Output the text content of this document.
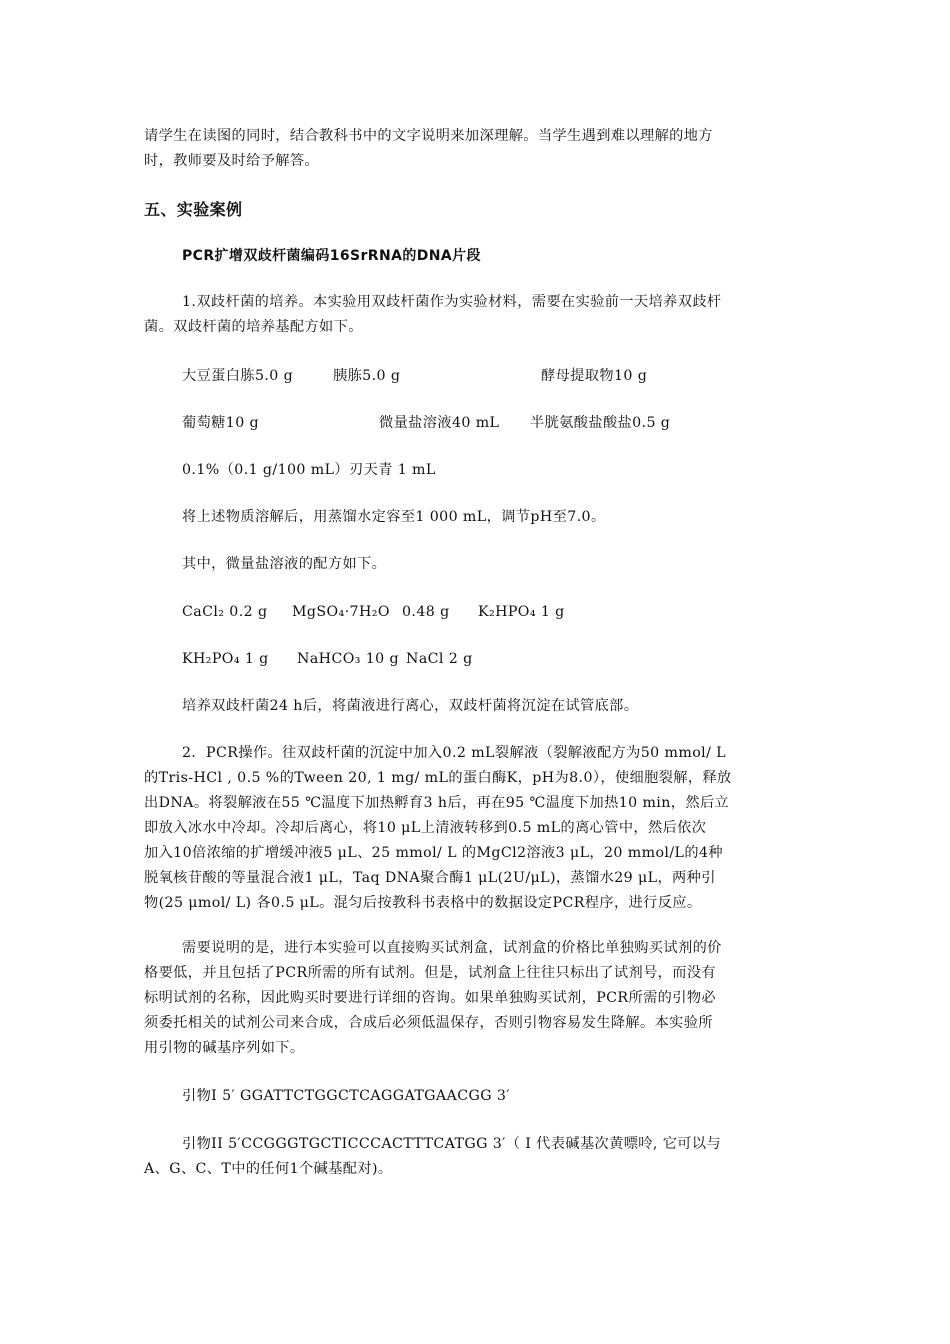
请学生在读图的同时，结合教科书中的文字说明来加深理解。当学生遇到难以理解的地方
时，教师要及时给予解答。
五、实验案例
PCR扩增双歧杆菌编码16SrRNA的DNA片段
1.双歧杆菌的培养。本实验用双歧杆菌作为实验材料，需要在实验前一天培养双歧杆
菌。双歧杆菌的培养基配方如下。
大豆蛋白胨5.0 g	胰胨5.0 g	酵母提取物10 g
葡萄糖10 g	微量盐溶液40 mL 半胱氨酸盐酸盐0.5 g
0.1%（0.1 g/100 mL）刃天青 1 mL
将上述物质溶解后，用蒸馏水定容至1 000 mL，调节pH至7.0。
其中，微量盐溶液的配方如下。
CaCl₂ 0.2 g MgSO₄·7H₂O 0.48 g K₂HPO₄ 1 g
KH₂PO₄ 1 g NaHCO₃ 10 g NaCl 2 g
培养双歧杆菌24 h后，将菌液进行离心，双歧杆菌将沉淀在试管底部。
2．PCR操作。往双歧杆菌的沉淀中加入0.2 mL裂解液（裂解液配方为50 mmol/ L
的Tris-HCl , 0.5 %的Tween 20, 1 mg/ mL的蛋白酶K，pH为8.0），使细胞裂解，释放
出DNA。将裂解液在55 ℃温度下加热孵育3 h后，再在95 ℃温度下加热10 min，然后立
即放入冰水中冷却。冷却后离心，将10 μL上清液转移到0.5 mL的离心管中，然后依次
加入10倍浓缩的扩增缓冲液5 μL、25 mmol/ L 的MgCl2溶液3 μL，20 mmol/L的4种
脱氧核苷酸的等量混合液1 μL，Taq DNA聚合酶1 μL(2U/μL)，蒸馏水29 μL，两种引
物(25 μmol/ L) 各0.5 μL。混匀后按教科书表格中的数据设定PCR程序，进行反应。
需要说明的是，进行本实验可以直接购买试剂盒，试剂盒的价格比单独购买试剂的价
格要低，并且包括了PCR所需的所有试剂。但是，试剂盒上往往只标出了试剂号，而没有
标明试剂的名称，因此购买时要进行详细的咨询。如果单独购买试剂，PCR所需的引物必
须委托相关的试剂公司来合成，合成后必须低温保存，否则引物容易发生降解。本实验所
用引物的碱基序列如下。
引物Ⅰ 5′ GGATTCTGGCTCAGGATGAACGG 3′
引物II 5′CCGGGTGCTICCCACTTTCATGG 3′（ I 代表碱基次黄嘌呤, 它可以与
A、G、C、T中的任何1个碱基配对)。
